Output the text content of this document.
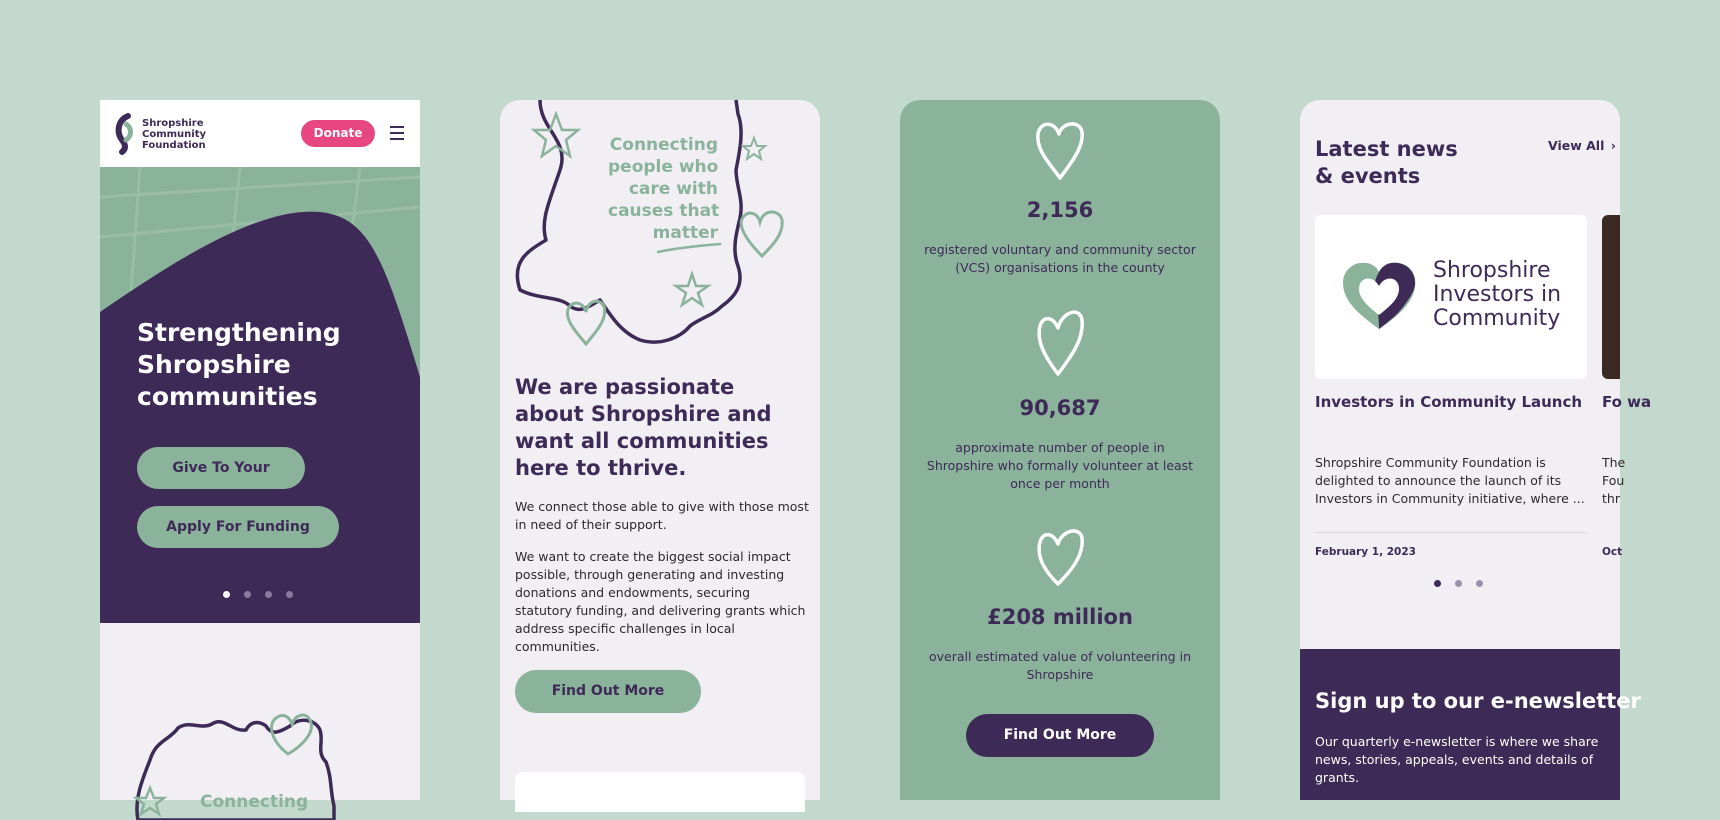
Shropshire
Community
Foundation
Donate
Strengthening Shropshire communities
Give To Your
Apply For Funding
Connecting
Connecting
people who
care with
causes that
matter
We are passionate about Shropshire and want all communities here to thrive.
We connect those able to give with those most in need of their support.
We want to create the biggest social impact possible, through generating and investing donations and endowments, securing statutory funding, and delivering grants which address specific challenges in local communities.
Find Out More
2,156
registered voluntary and community sector (VCS) organisations in the county
90,687
approximate number of people in Shropshire who formally volunteer at least once per month
£208 million
overall estimated value of volunteering in Shropshire
Find Out More
Latest news
& events
View All ›
Shropshire
Investors in
Community
Investors in Community Launch Fo wa
Shropshire Community Foundation is delighted to announce the launch of its Investors in Community initiative, where ...
The Fou thr
February 1, 2023	Oct
Sign up to our e-newsletter
Our quarterly e-newsletter is where we share news, stories, appeals, events and details of grants.
